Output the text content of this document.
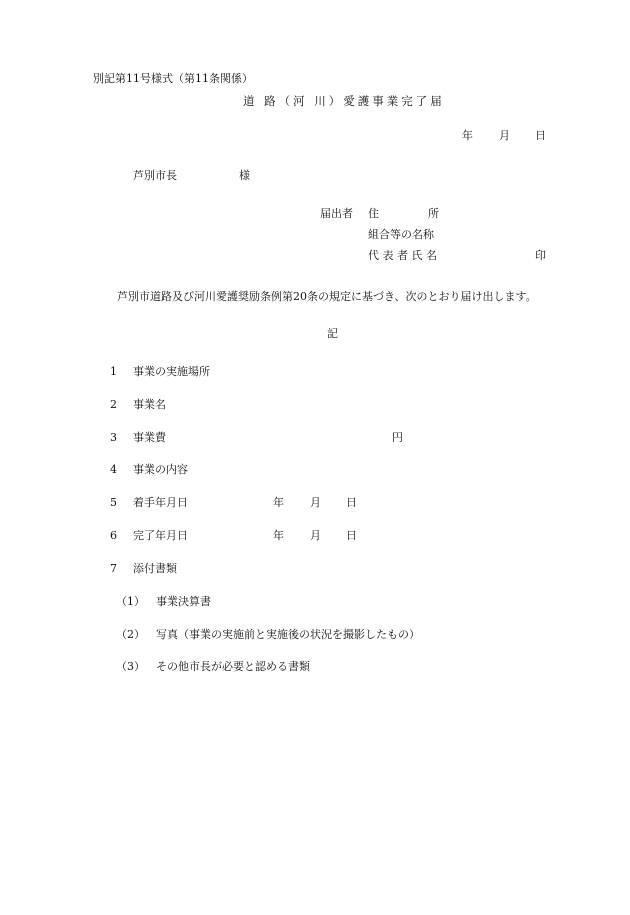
別記第11号様式（第11条関係）
道 路（河 川）愛護事業完了届
年 月 日
芦別市長	様
届出者 住	所
組合等の名称
代 表 者 氏 名	印
芦別市道路及び河川愛護奨励条例第20条の規定に基づき、次のとおり届け出します。
記
1 事業の実施場所
2 事業名
3 事業費	円
4 事業の内容
5 着手年月日	年 月 日
6 完了年月日	年 月 日
7 添付書類
（1） 事業決算書
（2） 写真（事業の実施前と実施後の状況を撮影したもの）
（3） その他市長が必要と認める書類
